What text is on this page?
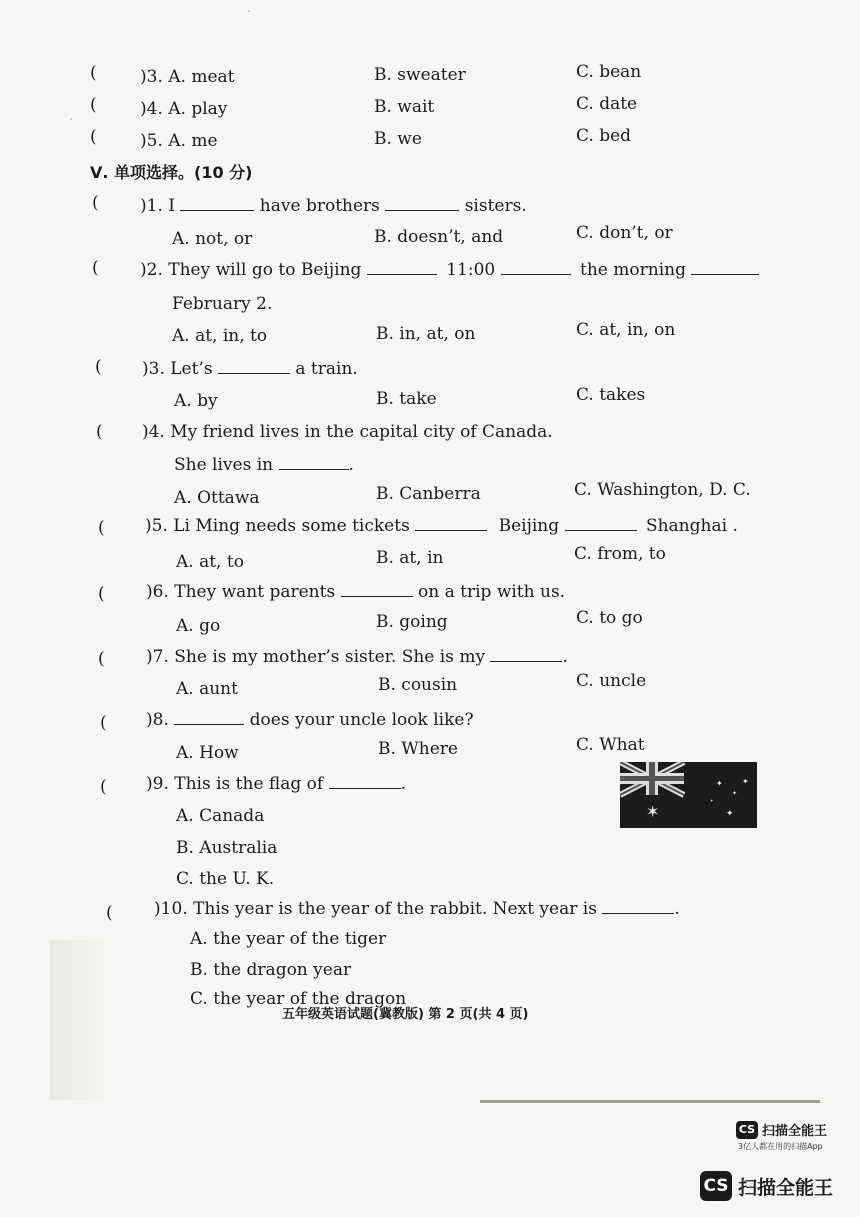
(	)3. A. meat	B. sweater	C. bean
(	)4. A. play	B. wait	C. date
(	)5. A. me	B. we	C. bed
Ⅴ. 单项选择。(10 分)
( )1. I	have brothers	sisters.
A. not, or	B. doesn’t, and	C. don’t, or
( )2. They will go to Beijing	11:00	the morning
February 2.
A. at, in, to	B. in, at, on	C. at, in, on
( )3. Let’s	a train.
A. by	B. take	C. takes
( )4. My friend lives in the capital city of Canada.
She lives in	.
A. Ottawa	B. Canberra	C. Washington, D. C.
( )5. Li Ming needs some tickets	Beijing	Shanghai .
A. at, to	B. at, in	C. from, to
( )6. They want parents	on a trip with us.
A. go	B. going	C. to go
( )7. She is my mother’s sister. She is my	.
A. aunt	B. cousin	C. uncle
( )8.	does your uncle look like?
A. How	B. Where	C. What
( )9. This is the flag of	.
A. Canada
B. Australia
C. the U. K.
✶
✦
✦
✦
✦
✦
( )10. This year is the year of the rabbit. Next year is	.
A. the year of the tiger
B. the dragon year
C. the year of the dragon
五年级英语试题(冀教版) 第 2 页(共 4 页)
CS 扫描全能王
3亿人都在用的扫描App
CS 扫描全能王
